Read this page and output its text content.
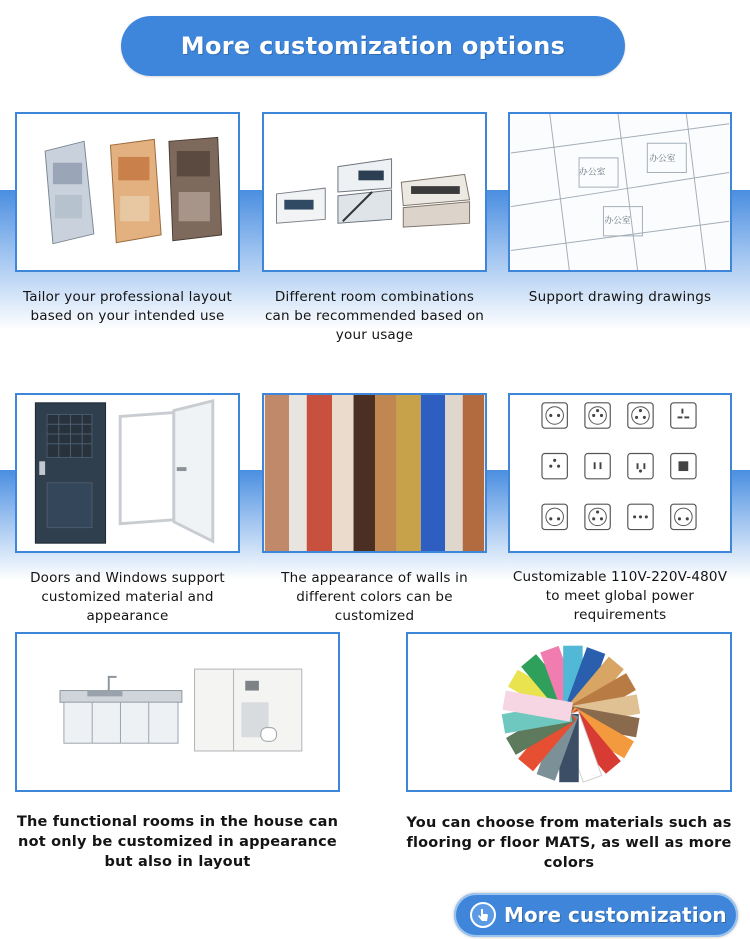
More customization options
办公室
办公室
办公室
Tailor your professional layout based on your intended use
Different room combinations can be recommended based on your usage
Support drawing drawings
Doors and Windows support customized material and appearance
The appearance of walls in different colors can be customized
Customizable 110V-220V-480V to meet global power requirements
The functional rooms in the house can not only be customized in appearance but also in layout
You can choose from materials such as flooring or floor MATS, as well as more colors
More customization
